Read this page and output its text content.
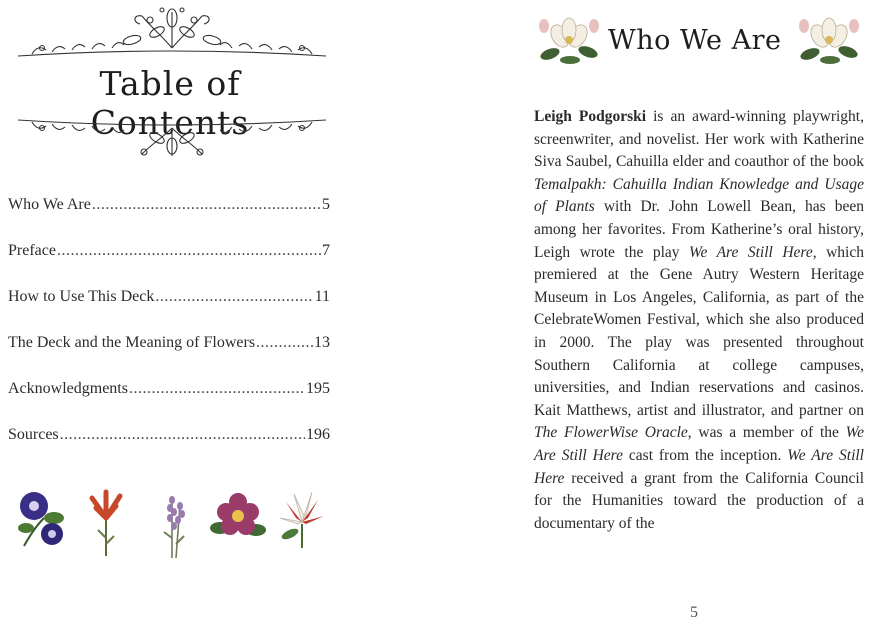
Table of Contents
Who We Are .....	5
Preface .....	7
How to Use This Deck .....	11
The Deck and the Meaning of Flowers .....	13
Acknowledgments .....	195
Sources .....	196
Who We Are
Leigh Podgorski is an award-winning playwright, screenwriter, and novelist. Her work with Katherine Siva Saubel, Cahuilla elder and coauthor of the book Temalpakh: Cahuilla Indian Knowledge and Usage of Plants with Dr. John Lowell Bean, has been among her favorites. From Katherine’s oral history, Leigh wrote the play We Are Still Here, which premiered at the Gene Autry Western Heritage Museum in Los Angeles, California, as part of the CelebrateWomen Festival, which she also produced in 2000. The play was presented throughout Southern California at college campuses, universities, and Indian reservations and casinos. Kait Matthews, artist and illustrator, and partner on The FlowerWise Oracle, was a member of the We Are Still Here cast from the inception. We Are Still Here received a grant from the California Council for the Humanities toward the production of a documentary of the
5
